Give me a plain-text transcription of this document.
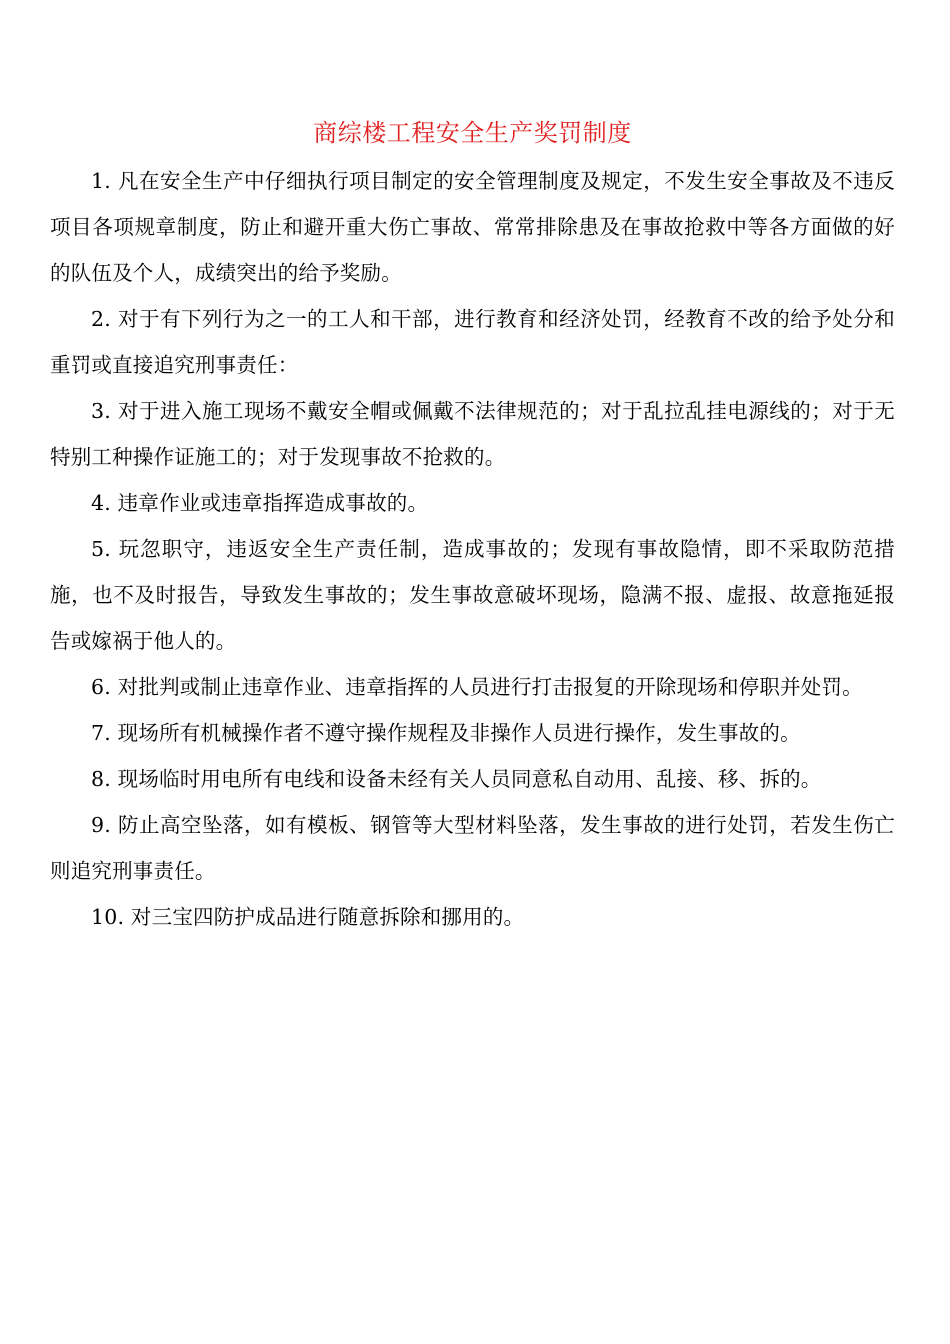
商综楼工程安全生产奖罚制度

1. 凡在安全生产中仔细执行项目制定的安全管理制度及规定，不发生安全事故及不违反项目各项规章制度，防止和避开重大伤亡事故、常常排除患及在事故抢救中等各方面做的好的队伍及个人，成绩突出的给予奖励。

2. 对于有下列行为之一的工人和干部，进行教育和经济处罚，经教育不改的给予处分和重罚或直接追究刑事责任：

3. 对于进入施工现场不戴安全帽或佩戴不法律规范的；对于乱拉乱挂电源线的；对于无特别工种操作证施工的；对于发现事故不抢救的。

4. 违章作业或违章指挥造成事故的。

5. 玩忽职守，违返安全生产责任制，造成事故的；发现有事故隐情，即不采取防范措施，也不及时报告，导致发生事故的；发生事故意破坏现场，隐满不报、虚报、故意拖延报告或嫁祸于他人的。

6. 对批判或制止违章作业、违章指挥的人员进行打击报复的开除现场和停职并处罚。

7. 现场所有机械操作者不遵守操作规程及非操作人员进行操作，发生事故的。

8. 现场临时用电所有电线和设备未经有关人员同意私自动用、乱接、移、拆的。

9. 防止高空坠落，如有模板、钢管等大型材料坠落，发生事故的进行处罚，若发生伤亡则追究刑事责任。

10. 对三宝四防护成品进行随意拆除和挪用的。
